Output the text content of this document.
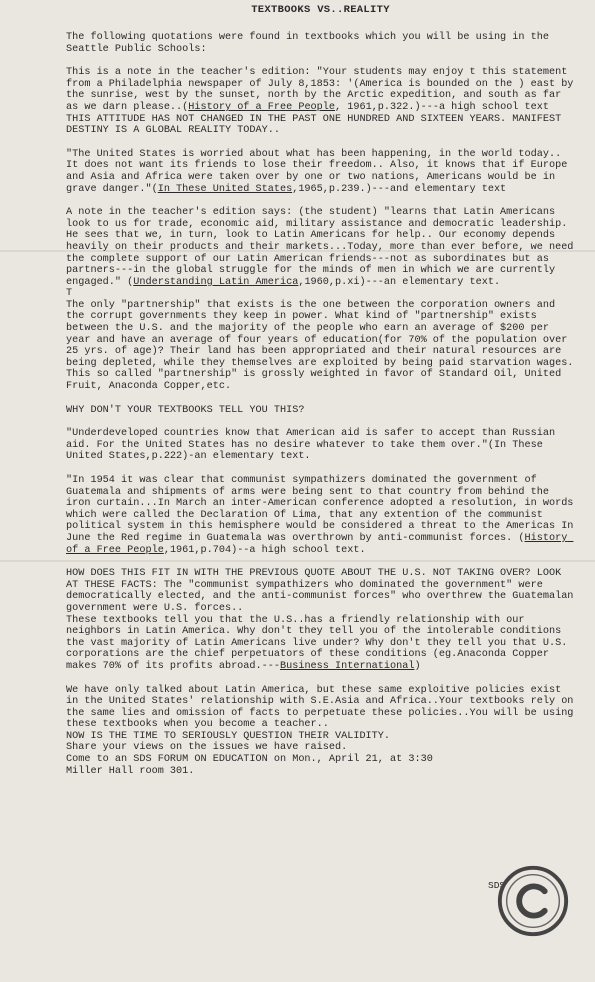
TEXTBOOKS VS..REALITY
The following quotations were found in textbooks which you will be using in the Seattle Public Schools:
This is a note in the teacher's edition: "Your students may enjoy t this statement from a Philadelphia newspaper of July 8,1853: '(America is bounded on the ) east by the sunrise, west by the sunset, north by the Arctic expedition, and south as far as we darn please..(History of a Free People, 1961,p.322.)---a high school text
THIS ATTITUDE HAS NOT CHANGED IN THE PAST ONE HUNDRED AND SIXTEEN YEARS. MANIFEST DESTINY IS A GLOBAL REALITY TODAY..
"The United States is worried about what has been happening, in the world today.. It does not want its friends to lose their freedom.. Also, it knows that if Europe and Asia and Africa were taken over by one or two nations, Americans would be in grave danger."(In These United States,1965,p.239.)---and elementary text
A note in the teacher's edition says: (the student) "learns that Latin Americans look to us for trade, economic aid, military assistance and democratic leadership. He sees that we, in turn, look to Latin Americans for help.. Our economy depends heavily on their products and their markets...Today, more than ever before, we need the complete support of our Latin American friends---not as subordinates but as partners---in the global struggle for the minds of men in which we are currently engaged." (Understanding Latin America,1960,p.xi)---an elementary text.
T
The only "partnership" that exists is the one between the corporation owners and the corrupt governments they keep in power. What kind of "partnership" exists between the U.S. and the majority of the people who earn an average of $200 per year and have an average of four years of education(for 70% of the population over 25 yrs. of age)? Their land has been appropriated and their natural resources are being depleted, while they themselves are exploited by being paid starvation wages. This so called "partnership" is grossly weighted in favor of Standard Oil, United Fruit, Anaconda Copper,etc.
WHY DON'T YOUR TEXTBOOKS TELL YOU THIS?
"Underdeveloped countries know that American aid is safer to accept than Russian aid. For the United States has no desire whatever to take them over."(In These United States,p.222)-an elementary text.
"In 1954 it was clear that communist sympathizers dominated the government of Guatemala and shipments of arms were being sent to that country from behind the iron curtain...In March an inter-American conference adopted a resolution, in words which were called the Declaration Of Lima, that any extention of the communist political system in this hemisphere would be considered a threat to the Americas In June the Red regime in Guatemala was overthrown by anti-communist forces. (History of a Free People,1961,p.704)--a high school text.
HOW DOES THIS FIT IN WITH THE PREVIOUS QUOTE ABOUT THE U.S. NOT TAKING OVER? LOOK AT THESE FACTS: The "communist sympathizers who dominated the government" were democratically elected, and the anti-communist forces" who overthrew the Guatemalan government were U.S. forces..
These textbooks tell you that the U.S..has a friendly relationship with our neighbors in Latin America. Why don't they tell you of the intolerable conditions the vast majority of Latin Americans live under? Why don't they tell you that U.S. corporations are the chief perpetuators of these conditions (eg.Anaconda Copper makes 70% of its profits abroad.---Business International)
We have only talked about Latin America, but these same exploitive policies exist in the United States' relationship with S.E.Asia and Africa..Your textbooks rely on the same lies and omission of facts to perpetuate these policies..You will be using these textbooks when you become a teacher..
NOW IS THE TIME TO SERIOUSLY QUESTION THEIR VALIDITY.
Share your views on the issues we have raised.
Come to an SDS FORUM ON EDUCATION on Mon., April 21, at 3:30
Miller Hall room 301.
SDS
